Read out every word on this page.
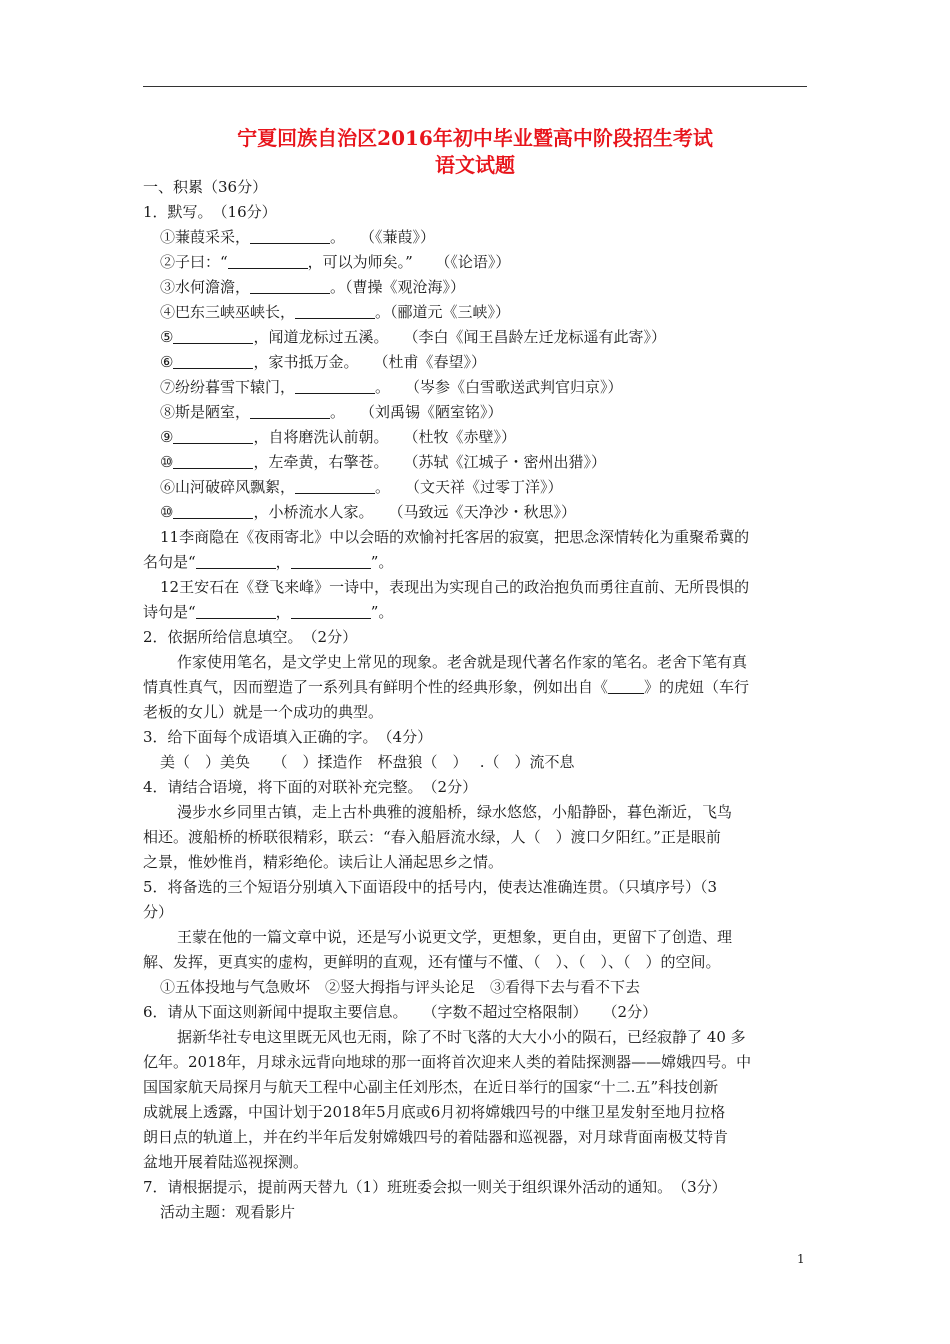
宁夏回族自治区2016年初中毕业暨高中阶段招生考试
语文试题
一、积累（36分）
1．默写。　（16分）
①蒹葭采采，	。　　（《蒹葭》）
②子曰：“	，可以为师矣。”　　（《论语》）
③水何澹澹，	。（曹操《观沧海》）
④巴东三峡巫峡长，	。（郦道元《三峡》）
⑤	，闻道龙标过五溪。　　（李白《闻王昌龄左迁龙标遥有此寄》）
⑥	，家书抵万金。　　（杜甫《春望》）
⑦纷纷暮雪下辕门，	。　　（岑参《白雪歌送武判官归京》）
⑧斯是陋室，	。　　（刘禹锡《陋室铭》）
⑨	，自将磨洗认前朝。　　（杜牧《赤壁》）
⑩	，左牵黄，右擎苍。　　（苏轼《江城子・密州出猎》）
⑥山河破碎风飘絮，	。　　（文天祥《过零丁洋》）
⑩	，小桥流水人家。　　（马致远《天净沙・秋思》）
11李商隐在《夜雨寄北》中以会晤的欢愉衬托客居的寂寞，把思念深情转化为重聚希冀的
名句是“	，	”。
12王安石在《登飞来峰》一诗中，表现出为实现自己的政治抱负而勇往直前、无所畏惧的
诗句是“	，	”。
2．依据所给信息填空。　（2分）
作家使用笔名，是文学史上常见的现象。老舍就是现代著名作家的笔名。老舍下笔有真
情真性真气，因而塑造了一系列具有鲜明个性的经典形象，例如出自《 》的虎妞（车行
老板的女儿）就是一个成功的典型。
3．给下面每个成语填入正确的字。　（4分）
美（　）美奂　　（　）揉造作　杯盘狼（　）　 .（　）流不息
4．请结合语境，将下面的对联补充完整。　（2分）
漫步水乡同里古镇，走上古朴典雅的渡船桥，绿水悠悠，小船静卧，暮色渐近，飞鸟
相还。渡船桥的桥联很精彩，联云：“春入船唇流水绿，人（　）渡口夕阳红。”正是眼前
之景，惟妙惟肖，精彩绝伦。读后让人涌起思乡之情。
5．将备选的三个短语分别填入下面语段中的括号内，使表达准确连贯。（只填序号）（3
分）
王蒙在他的一篇文章中说，还是写小说更文学，更想象，更自由，更留下了创造、理
解、发挥，更真实的虚构，更鲜明的直观，还有懂与不懂、（　）、（　）、（　）的空间。
①五体投地与气急败坏　②竖大拇指与评头论足　③看得下去与看不下去
6．请从下面这则新闻中提取主要信息。　　（字数不超过空格限制）　　（2分）
据新华社专电这里既无风也无雨，除了不时飞落的大大小小的陨石，已经寂静了 40 多
亿年。2018年，月球永远背向地球的那一面将首次迎来人类的着陆探测器——嫦娥四号。中
国国家航天局探月与航天工程中心副主任刘彤杰，在近日举行的国家“十二.五”科技创新
成就展上透露，中国计划于2018年5月底或6月初将嫦娥四号的中继卫星发射至地月拉格
朗日点的轨道上，并在约半年后发射嫦娥四号的着陆器和巡视器，对月球背面南极艾特肯
盆地开展着陆巡视探测。
7．请根据提示，提前两天替九（1）班班委会拟一则关于组织课外活动的通知。　（3分）
活动主题：观看影片
1
